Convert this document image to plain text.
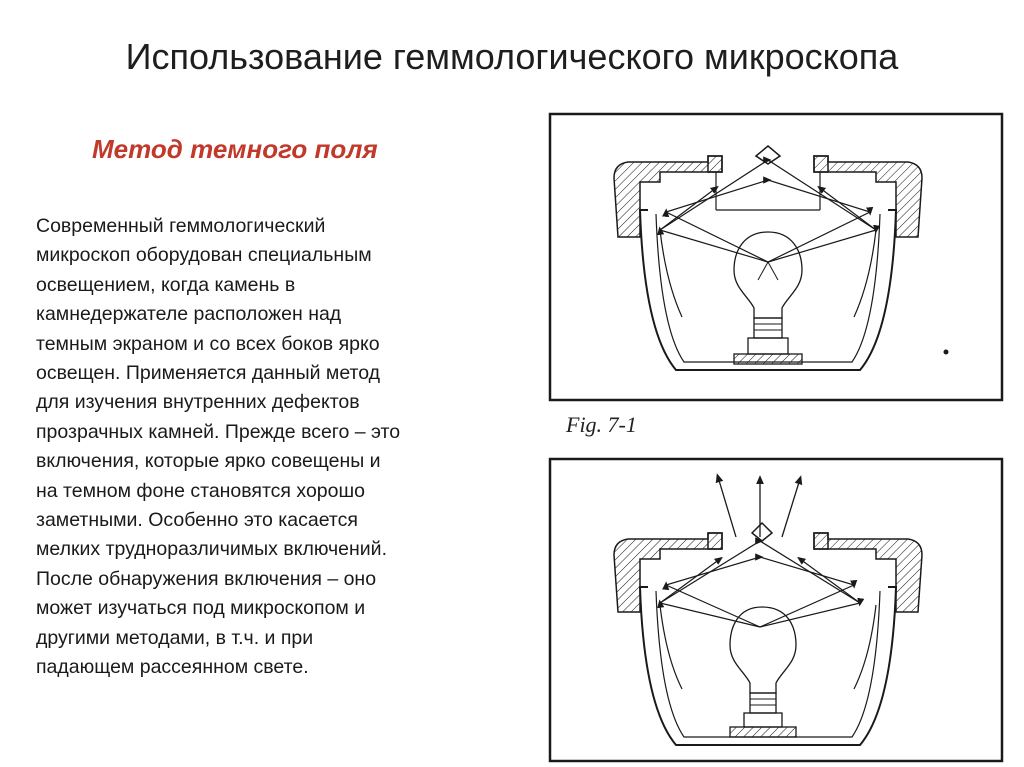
Использование геммологического микроскопа
Метод темного поля
Современный геммологический
микроскоп оборудован специальным
освещением, когда камень в
камнедержателе расположен над
темным экраном и со всех боков ярко
освещен. Применяется данный метод
для изучения внутренних дефектов
прозрачных камней. Прежде всего – это
включения, которые ярко совещены и
на темном фоне становятся хорошо
заметными. Особенно это касается
мелких трудноразличимых включений.
После обнаружения включения – оно
может изучаться под микроскопом и
другими методами, в т.ч. и при
падающем рассеянном свете.
Fig. 7-1
